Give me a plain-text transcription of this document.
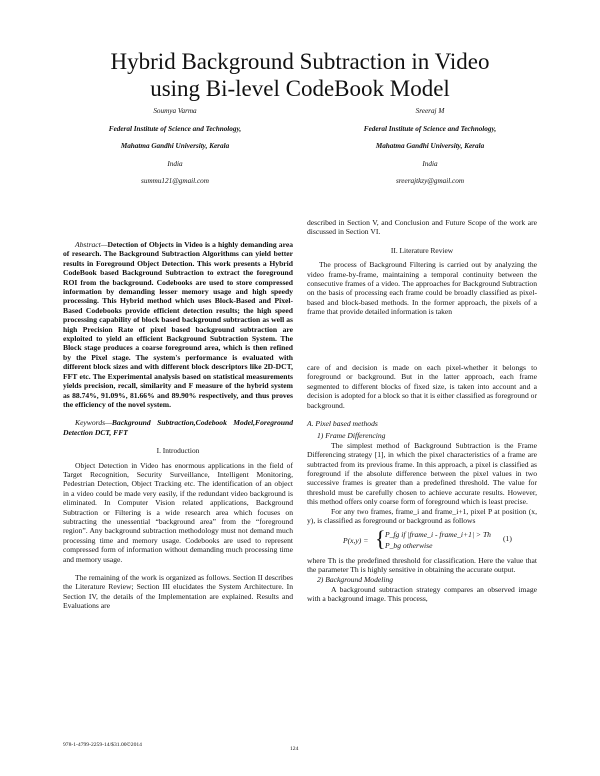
Hybrid Background Subtraction in Video
using Bi-level CodeBook Model
Soumya Varma
Federal Institute of Science and Technology,
Mahatma Gandhi University, Kerala
India
summu121@gmail.com
Sreeraj M
Federal Institute of Science and Technology,
Mahatma Gandhi University, Kerala
India
sreerajtkzy@gmail.com

Abstract—Detection of Objects in Video is a highly demanding area of research. The Background Subtraction Algorithms can yield better results in Foreground Object Detection. This work presents a Hybrid CodeBook based Background Subtraction to extract the foreground ROI from the background. Codebooks are used to store compressed information by demanding lesser memory usage and high speedy processing. This Hybrid method which uses Block-Based and Pixel-Based Codebooks provide efficient detection results; the high speed processing capability of block based background subtraction as well as high Precision Rate of pixel based background subtraction are exploited to yield an efficient Background Subtraction System. The Block stage produces a coarse foreground area, which is then refined by the Pixel stage. The system's performance is evaluated with different block sizes and with different block descriptors like 2D-DCT, FFT etc. The Experimental analysis based on statistical measurements yields precision, recall, similarity and F measure of the hybrid system as 88.74%, 91.09%, 81.66% and 89.90% respectively, and thus proves the efficiency of the novel system.

Keywords—Background Subtraction,Codebook Model,Foreground Detection DCT, FFT

I. Introduction

Object Detection in Video has enormous applications in the field of Target Recognition, Security Surveillance, Intelligent Monitoring, Pedestrian Detection, Object Tracking etc. The identification of an object in a video could be made very easily, if the redundant video background is eliminated. In Computer Vision related applications, Background Subtraction or Filtering is a wide research area which focuses on subtracting the unessential “background area” from the “foreground region”. Any background subtraction methodology must not demand much processing time and memory usage. Codebooks are used to represent compressed form of information without demanding much processing time and memory usage.

The remaining of the work is organized as follows. Section II describes the Literature Review; Section III elucidates the System Architecture. In Section IV, the details of the Implementation are explained. Results and Evaluations are

described in Section V, and Conclusion and Future Scope of the work are discussed in Section VI.

II. Literature Review

The process of Background Filtering is carried out by analyzing the video frame-by-frame, maintaining a temporal continuity between the consecutive frames of a video. The approaches for Background Subtraction on the basis of processing each frame could be broadly classified as pixel-based and block-based methods. In the former approach, the pixels of a frame that provide detailed information is taken

care of and decision is made on each pixel-whether it belongs to foreground or background. But in the latter approach, each frame segmented to different blocks of fixed size, is taken into account and a decision is adopted for a block so that it is either classified as foreground or background.

A. Pixel based methods

1) Frame Differencing

The simplest method of Background Subtraction is the Frame Differencing strategy [1], in which the pixel characteristics of a frame are subtracted from its previous frame. In this approach, a pixel is classified as foreground if the absolute difference between the pixel values in two successive frames is greater than a predefined threshold. The value for threshold must be carefully chosen to achieve accurate results. However, this method offers only coarse form of foreground which is least precise.

For any two frames, frame_i and frame_i+1, pixel P at position (x, y), is classified as foreground or background as follows

P(x,y) = { P_fg if |frame_i - frame_i+1| > Th
P_bg otherwise
(1)

where Th is the predefined threshold for classification. Here the value that the parameter Th is highly sensitive in obtaining the accurate output.

2) Background Modeling

A background subtraction strategy compares an observed image with a background image. This process,

978-1-4799-2259-14/$31.00©2014
124
